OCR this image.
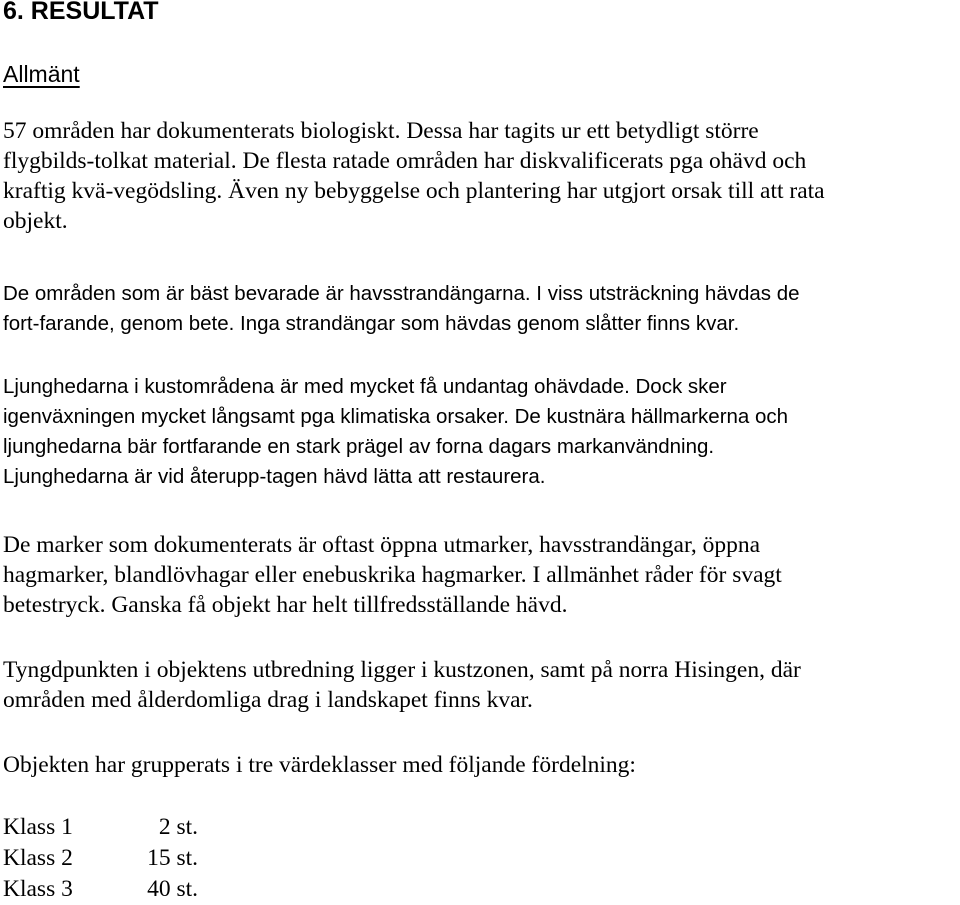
6. RESULTAT
Allmänt

57 områden har dokumenterats biologiskt. Dessa har tagits ur ett betydligt större
flygbilds-tolkat material. De flesta ratade områden har diskvalificerats pga ohävd och
kraftig kvä-vegödsling. Även ny bebyggelse och plantering har utgjort orsak till att rata
objekt.

De områden som är bäst bevarade är havsstrandängarna. I viss utsträckning hävdas de
fort-farande, genom bete. Inga strandängar som hävdas genom slåtter finns kvar.

Ljunghedarna i kustområdena är med mycket få undantag ohävdade. Dock sker
igenväxningen mycket långsamt pga klimatiska orsaker. De kustnära hällmarkerna och
ljunghedarna bär fortfarande en stark prägel av forna dagars markanvändning.
Ljunghedarna är vid återupp-tagen hävd lätta att restaurera.

De marker som dokumenterats är oftast öppna utmarker, havsstrandängar, öppna
hagmarker, blandlövhagar eller enebuskrika hagmarker. I allmänhet råder för svagt
betestryck. Ganska få objekt har helt tillfredsställande hävd.

Tyngdpunkten i objektens utbredning ligger i kustzonen, samt på norra Hisingen, där
områden med ålderdomliga drag i landskapet finns kvar.

Objekten har grupperats i tre värdeklasser med följande fördelning:

Klass 1	2 st.
Klass 2	15 st.
Klass 3	40 st.
